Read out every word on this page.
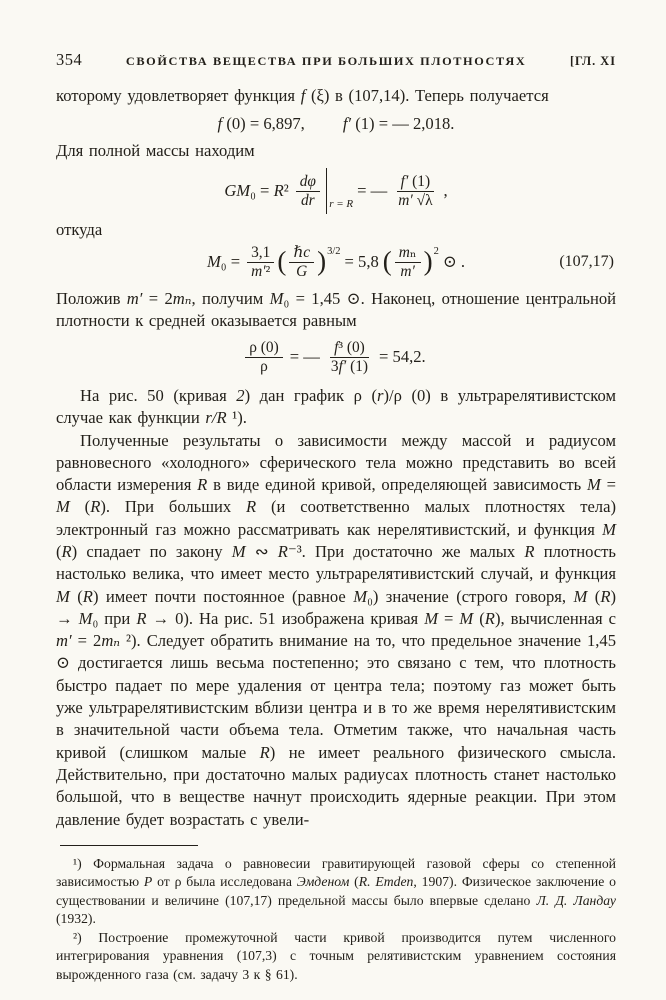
354	СВОЙСТВА ВЕЩЕСТВА ПРИ БОЛЬШИХ ПЛОТНОСТЯХ	[ГЛ. XI

которому удовлетворяет функция f (ξ) в (107,14). Теперь получается

f (0) = 6,897, f′ (1) = — 2,018.

Для полной массы находим

$GM_0 = R^2 \frac{d\varphi}{dr}$ r = R
= — $\frac{f' (1)}{m' √\lambda}$ ,

откуда

$M_0 = \frac{3,1}{\text{m′²}}$ ( $\frac{\text{ℏc}}{G}$ ) 3/2
= 5,8 ( $\frac{\text{mₙ}}{m'}$ ) 2
⊙ .	(107,17)

Положив m′ = 2mₙ, получим M₀ = 1,45 ⊙. Наконец, отношение центральной плотности к средней оказывается равным

$\frac{\rho (0)}{\rho}$ = — $\frac{\text{f³ (0)}}{3f' (1)} = 54,2$.

На рис. 50 (кривая 2) дан график ρ (r)/ρ (0) в ультрарелятивистском случае как функции r/R ¹).

Полученные результаты о зависимости между массой и радиусом равновесного «холодного» сферического тела можно представить во всей области измерения R в виде единой кривой, определяющей зависимость M = M (R). При больших R (и соответственно малых плотностях тела) электронный газ можно рассматривать как нерелятивистский, и функция M (R) спадает по закону M ∾ R⁻³. При достаточно же малых R плотность настолько велика, что имеет место ультрарелятивистский случай, и функция M (R) имеет почти постоянное (равное M₀) значение (строго говоря, M (R) → M₀ при R → 0). На рис. 51 изображена кривая M = M (R), вычисленная с m′ = 2mₙ ²). Следует обратить внимание на то, что предельное значение 1,45 ⊙ достигается лишь весьма постепенно; это связано с тем, что плотность быстро падает по мере удаления от центра тела; поэтому газ может быть уже ультрарелятивистским вблизи центра и в то же время нерелятивистским в значительной части объема тела. Отметим также, что начальная часть кривой (слишком малые R) не имеет реального физического смысла. Действительно, при достаточно малых радиусах плотность станет настолько большой, что в веществе начнут происходить ядерные реакции. При этом давление будет возрастать с увели-

¹) Формальная задача о равновесии гравитирующей газовой сферы со степенной зависимостью P от ρ была исследована Эмденом (R. Emden, 1907). Физическое заключение о существовании и величине (107,17) предельной массы было впервые сделано Л. Д. Ландау (1932).

²) Построение промежуточной части кривой производится путем численного интегрирования уравнения (107,3) с точным релятивистским уравнением состояния вырожденного газа (см. задачу 3 к § 61).
